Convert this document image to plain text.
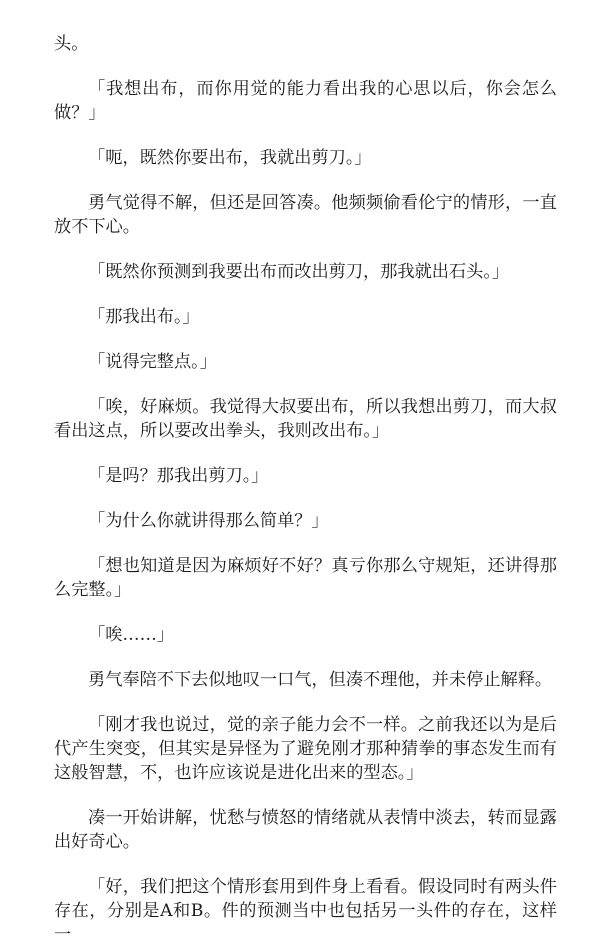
头。

「我想出布，而你用觉的能力看出我的心思以后，你会怎么做？」

「呃，既然你要出布，我就出剪刀。」

勇气觉得不解，但还是回答凑。他频频偷看伦宁的情形，一直放不下心。

「既然你预测到我要出布而改出剪刀，那我就出石头。」

「那我出布。」

「说得完整点。」

「唉，好麻烦。我觉得大叔要出布，所以我想出剪刀，而大叔看出这点，所以要改出拳头，我则改出布。」

「是吗？那我出剪刀。」

「为什么你就讲得那么简单？」

「想也知道是因为麻烦好不好？真亏你那么守规矩，还讲得那么完整。」

「唉……」

勇气奉陪不下去似地叹一口气，但凑不理他，并未停止解释。

「刚才我也说过，觉的亲子能力会不一样。之前我还以为是后代产生突变，但其实是异怪为了避免刚才那种猜拳的事态发生而有这般智慧，不，也许应该说是进化出来的型态。」

凑一开始讲解，忧愁与愤怒的情绪就从表情中淡去，转而显露出好奇心。

「好，我们把这个情形套用到件身上看看。假设同时有两头件存在，分别是A和B。件的预测当中也包括另一头件的存在，这样一
